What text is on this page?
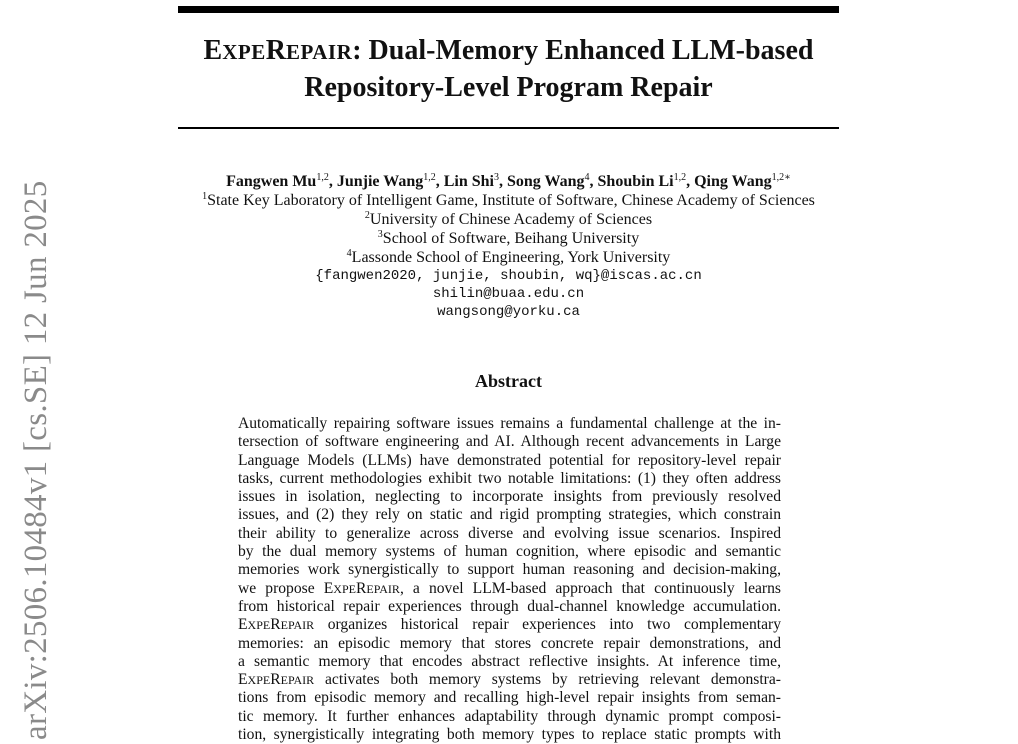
EXPEREPAIR: Dual-Memory Enhanced LLM-based
Repository-Level Program Repair
Fangwen Mu$^{1,2}$, Junjie Wang$^{1,2}$, Lin Shi$^3$, Song Wang$^4$, Shoubin Li$^{1,2}$, Qing Wang$^{1,2∗}$
$^1$State Key Laboratory of Intelligent Game, Institute of Software, Chinese Academy of Sciences
$^2$University of Chinese Academy of Sciences
$^3$School of Software, Beihang University
$^4$Lassonde School of Engineering, York University
{fangwen2020, junjie, shoubin, wq}@iscas.ac.cn
shilin@buaa.edu.cn
wangsong@yorku.ca
Abstract
Automatically repairing software issues remains a fundamental challenge at the in-
tersection of software engineering and AI. Although recent advancements in Large
Language Models (LLMs) have demonstrated potential for repository-level repair
tasks, current methodologies exhibit two notable limitations: (1) they often address
issues in isolation, neglecting to incorporate insights from previously resolved
issues, and (2) they rely on static and rigid prompting strategies, which constrain
their ability to generalize across diverse and evolving issue scenarios. Inspired
by the dual memory systems of human cognition, where episodic and semantic
memories work synergistically to support human reasoning and decision-making,
we propose EXPEREPAIR, a novel LLM-based approach that continuously learns
from historical repair experiences through dual-channel knowledge accumulation.
EXPEREPAIR organizes historical repair experiences into two complementary
memories: an episodic memory that stores concrete repair demonstrations, and
a semantic memory that encodes abstract reflective insights. At inference time,
EXPEREPAIR activates both memory systems by retrieving relevant demonstra-
tions from episodic memory and recalling high-level repair insights from seman-
tic memory. It further enhances adaptability through dynamic prompt composi-
tion, synergistically integrating both memory types to replace static prompts with
arXiv:2506.10484v1 [cs.SE] 12 Jun 2025
